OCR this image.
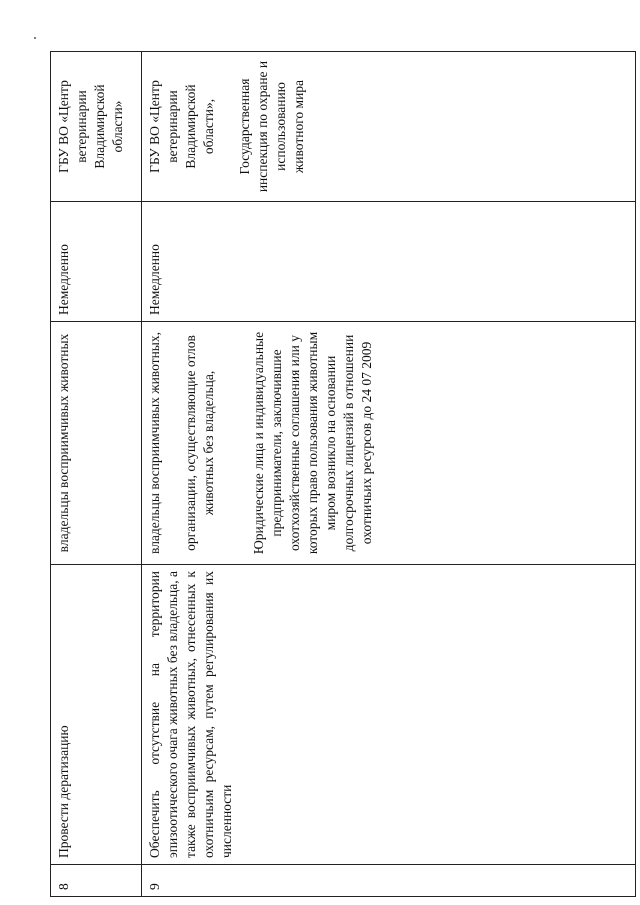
8	Провести дератизацию	владельцы восприимчивых животных	Немедленно	ГБУ ВО «Центр ветеринарии Владимирской области»
9	Обеспечить отсутствие на территории эпизоотического очага животных без владельца, а также восприимчивых животных, отнесенных к охотничьим ресурсам, путем регулирования их численности	владельцы восприимчивых животных, организации, осуществляющие отлов животных без владельца, Юридические лица и индивидуальные предприниматели, заключившие охотхозяйственные соглашения или у которых право пользования животным миром возникло на основании долгосрочных лицензий в отношении охотничьих ресурсов до 24 07 2009	Немедленно	ГБУ ВО «Центр ветеринарии Владимирской области», Государственная инспекция по охране и использованию животного мира
